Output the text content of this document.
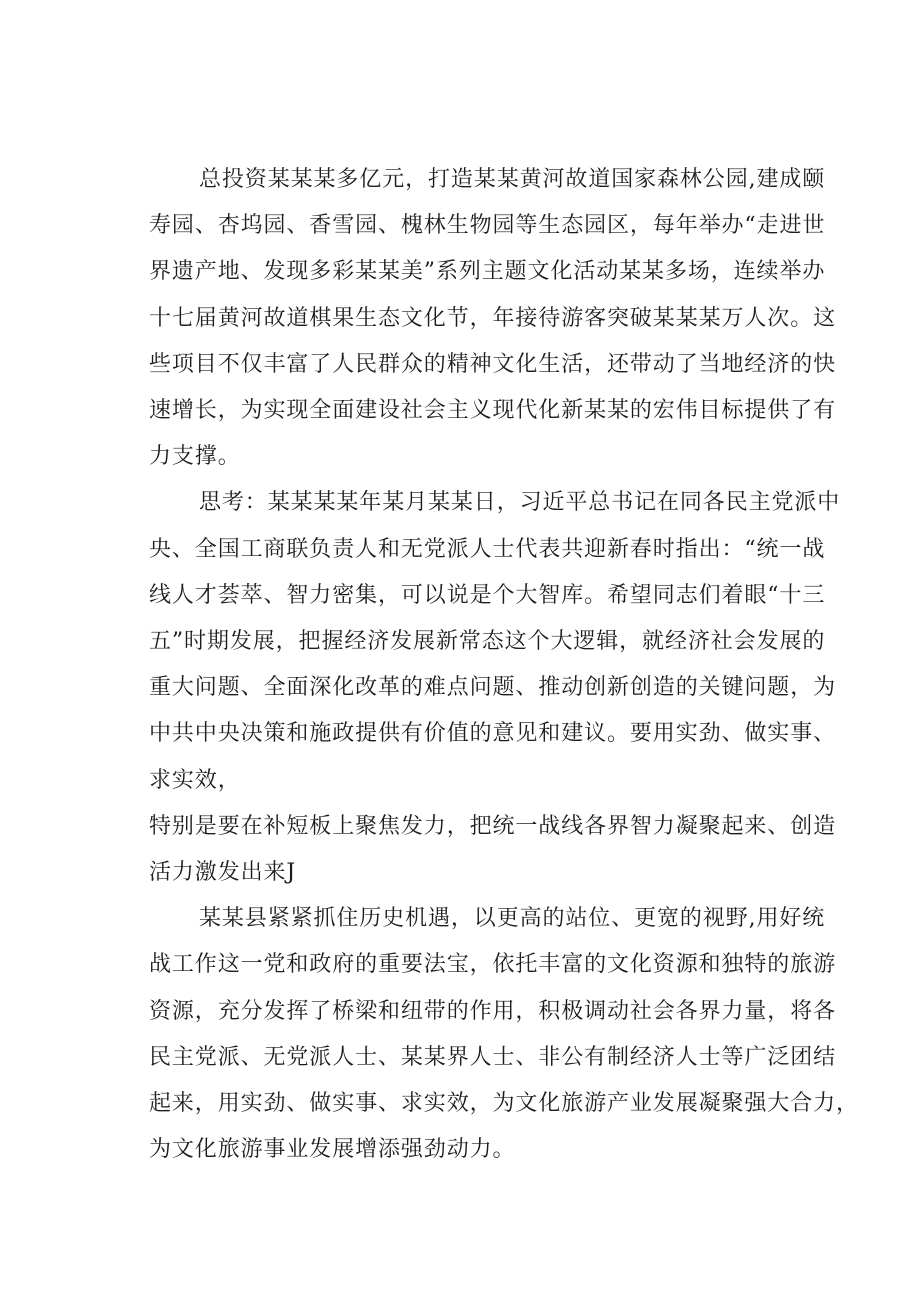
总投资某某某多亿元，打造某某黄河故道国家森林公园,建成颐
寿园、杏坞园、香雪园、槐林生物园等生态园区，每年举办“走进世
界遗产地、发现多彩某某美”系列主题文化活动某某多场，连续举办
十七届黄河故道棋果生态文化节，年接待游客突破某某某万人次。这
些项目不仅丰富了人民群众的精神文化生活，还带动了当地经济的快
速增长，为实现全面建设社会主义现代化新某某的宏伟目标提供了有
力支撑。

思考：某某某某年某月某某日，习近平总书记在同各民主党派中
央、全国工商联负责人和无党派人士代表共迎新春时指出：“统一战
线人才荟萃、智力密集，可以说是个大智库。希望同志们着眼“十三
五”时期发展，把握经济发展新常态这个大逻辑，就经济社会发展的
重大问题、全面深化改革的难点问题、推动创新创造的关键问题，为
中共中央决策和施政提供有价值的意见和建议。要用实劲、做实事、
求实效，

特别是要在补短板上聚焦发力，把统一战线各界智力凝聚起来、创造
活力激发出来J

某某县紧紧抓住历史机遇，以更高的站位、更宽的视野,用好统
战工作这一党和政府的重要法宝，依托丰富的文化资源和独特的旅游
资源，充分发挥了桥梁和纽带的作用，积极调动社会各界力量，将各
民主党派、无党派人士、某某界人士、非公有制经济人士等广泛团结
起来，用实劲、做实事、求实效，为文化旅游产业发展凝聚强大合力，
为文化旅游事业发展增添强劲动力。
